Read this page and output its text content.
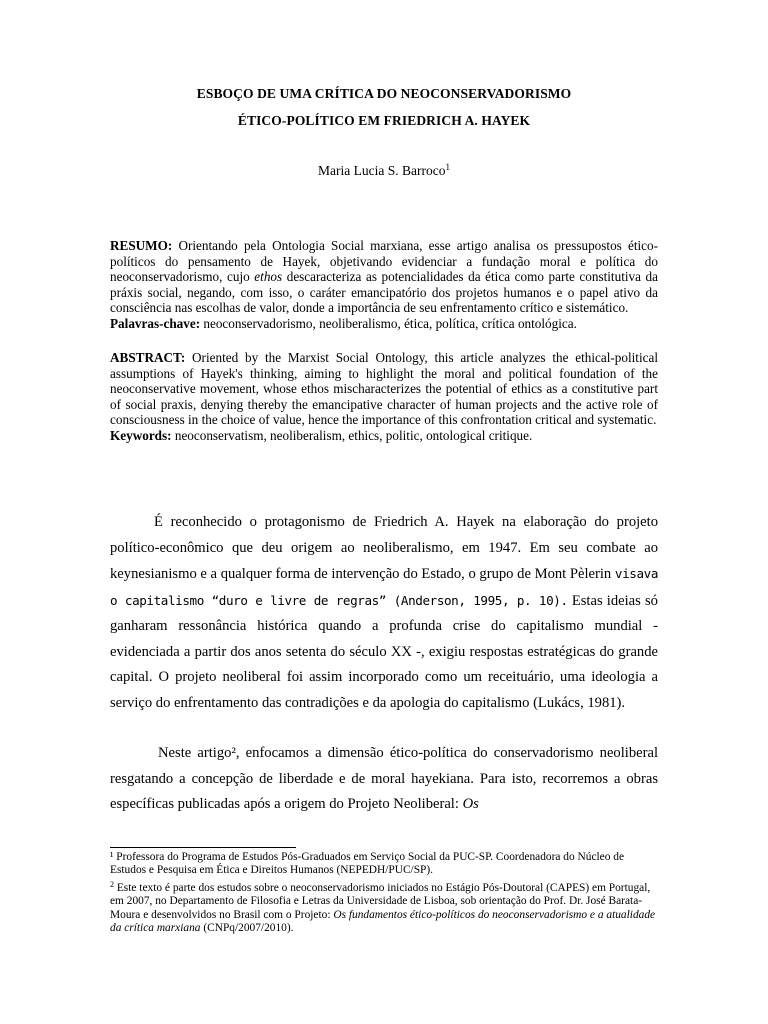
ESBOÇO DE UMA CRÍTICA DO NEOCONSERVADORISMO
ÉTICO-POLÍTICO EM FRIEDRICH A. HAYEK
Maria Lucia S. Barroco$^1$
RESUMO: Orientando pela Ontologia Social marxiana, esse artigo analisa os pressupostos ético-políticos do pensamento de Hayek, objetivando evidenciar a fundação moral e política do neoconservadorismo, cujo ethos descaracteriza as potencialidades da ética como parte constitutiva da práxis social, negando, com isso, o caráter emancipatório dos projetos humanos e o papel ativo da consciência nas escolhas de valor, donde a importância de seu enfrentamento crítico e sistemático.
Palavras-chave: neoconservadorismo, neoliberalismo, ética, política, crítica ontológica.
ABSTRACT: Oriented by the Marxist Social Ontology, this article analyzes the ethical-political assumptions of Hayek's thinking, aiming to highlight the moral and political foundation of the neoconservative movement, whose ethos mischaracterizes the potential of ethics as a constitutive part of social praxis, denying thereby the emancipative character of human projects and the active role of consciousness in the choice of value, hence the importance of this confrontation critical and systematic.
Keywords: neoconservatism, neoliberalism, ethics, politic, ontological critique.
É reconhecido o protagonismo de Friedrich A. Hayek na elaboração do projeto político-econômico que deu origem ao neoliberalismo, em 1947. Em seu combate ao keynesianismo e a qualquer forma de intervenção do Estado, o grupo de Mont Pèlerin visava o capitalismo “duro e livre de regras” (Anderson, 1995, p. 10). Estas ideias só ganharam ressonância histórica quando a profunda crise do capitalismo mundial - evidenciada a partir dos anos setenta do século XX -, exigiu respostas estratégicas do grande capital. O projeto neoliberal foi assim incorporado como um receituário, uma ideologia a serviço do enfrentamento das contradições e da apologia do capitalismo (Lukács, 1981).
Neste artigo², enfocamos a dimensão ético-política do conservadorismo neoliberal resgatando a concepção de liberdade e de moral hayekiana. Para isto, recorremos a obras específicas publicadas após a origem do Projeto Neoliberal: Os

¹ Professora do Programa de Estudos Pós-Graduados em Serviço Social da PUC-SP. Coordenadora do Núcleo de Estudos e Pesquisa em Ética e Direitos Humanos (NEPEDH/PUC/SP).

$^2$ Este texto é parte dos estudos sobre o neoconservadorismo iniciados no Estágio Pós-Doutoral (CAPES) em Portugal, em 2007, no Departamento de Filosofia e Letras da Universidade de Lisboa, sob orientação do Prof. Dr. José Barata-Moura e desenvolvidos no Brasil com o Projeto: Os fundamentos ético-políticos do neoconservadorismo e a atualidade da crítica marxiana (CNPq/2007/2010).
